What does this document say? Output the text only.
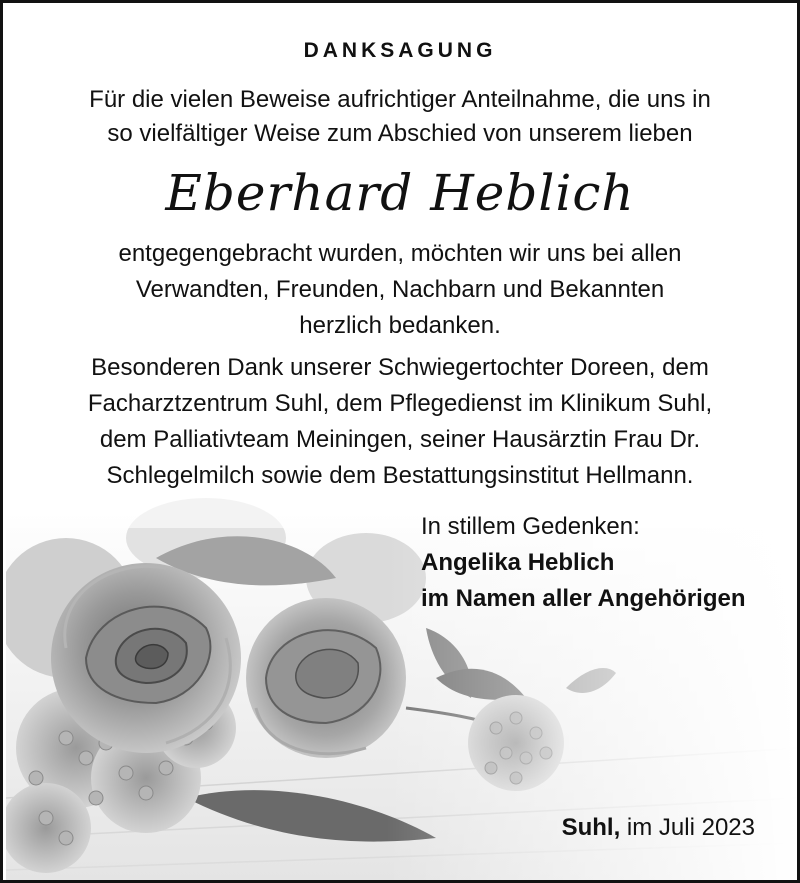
DANKSAGUNG
Für die vielen Beweise aufrichtiger Anteilnahme, die uns in
so vielfältiger Weise zum Abschied von unserem lieben
Eberhard Heblich
entgegengebracht wurden, möchten wir uns bei allen
Verwandten, Freunden, Nachbarn und Bekannten
herzlich bedanken.
Besonderen Dank unserer Schwiegertochter Doreen, dem
Facharztzentrum Suhl, dem Pflegedienst im Klinikum Suhl,
dem Palliativteam Meiningen, seiner Hausärztin Frau Dr.
Schlegelmilch sowie dem Bestattungsinstitut Hellmann.
In stillem Gedenken:
Angelika Heblich
im Namen aller Angehörigen
Suhl, im Juli 2023
